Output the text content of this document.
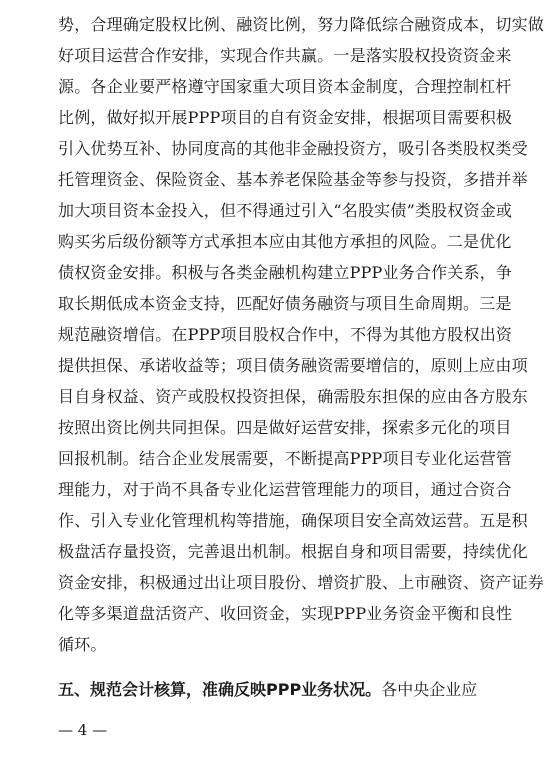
势，合理确定股权比例、融资比例，努力降低综合融资成本，切实做
好项目运营合作安排，实现合作共赢。一是落实股权投资资金来
源。各企业要严格遵守国家重大项目资本金制度，合理控制杠杆
比例，做好拟开展PPP项目的自有资金安排，根据项目需要积极
引入优势互补、协同度高的其他非金融投资方，吸引各类股权类受
托管理资金、保险资金、基本养老保险基金等参与投资，多措并举
加大项目资本金投入，但不得通过引入“名股实债”类股权资金或
购买劣后级份额等方式承担本应由其他方承担的风险。二是优化
债权资金安排。积极与各类金融机构建立PPP业务合作关系，争
取长期低成本资金支持，匹配好债务融资与项目生命周期。三是
规范融资增信。在PPP项目股权合作中，不得为其他方股权出资
提供担保、承诺收益等；项目债务融资需要增信的，原则上应由项
目自身权益、资产或股权投资担保，确需股东担保的应由各方股东
按照出资比例共同担保。四是做好运营安排，探索多元化的项目
回报机制。结合企业发展需要，不断提高PPP项目专业化运营管
理能力，对于尚不具备专业化运营管理能力的项目，通过合资合
作、引入专业化管理机构等措施，确保项目安全高效运营。五是积
极盘活存量投资，完善退出机制。根据自身和项目需要，持续优化
资金安排，积极通过出让项目股份、增资扩股、上市融资、资产证券
化等多渠道盘活资产、收回资金，实现PPP业务资金平衡和良性
循环。
五、规范会计核算，准确反映PPP业务状况。各中央企业应
— 4 —
